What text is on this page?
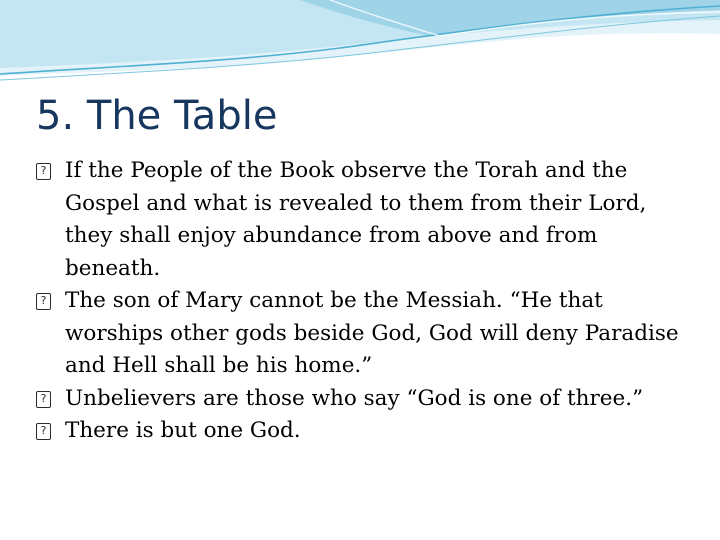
5. The Table
? If the People of the Book observe the Torah and the Gospel and what is revealed to them from their Lord, they shall enjoy abundance from above and from beneath.
? The son of Mary cannot be the Messiah. “He that worships other gods beside God, God will deny Paradise and Hell shall be his home.”
? Unbelievers are those who say “God is one of three.”
? There is but one God.
